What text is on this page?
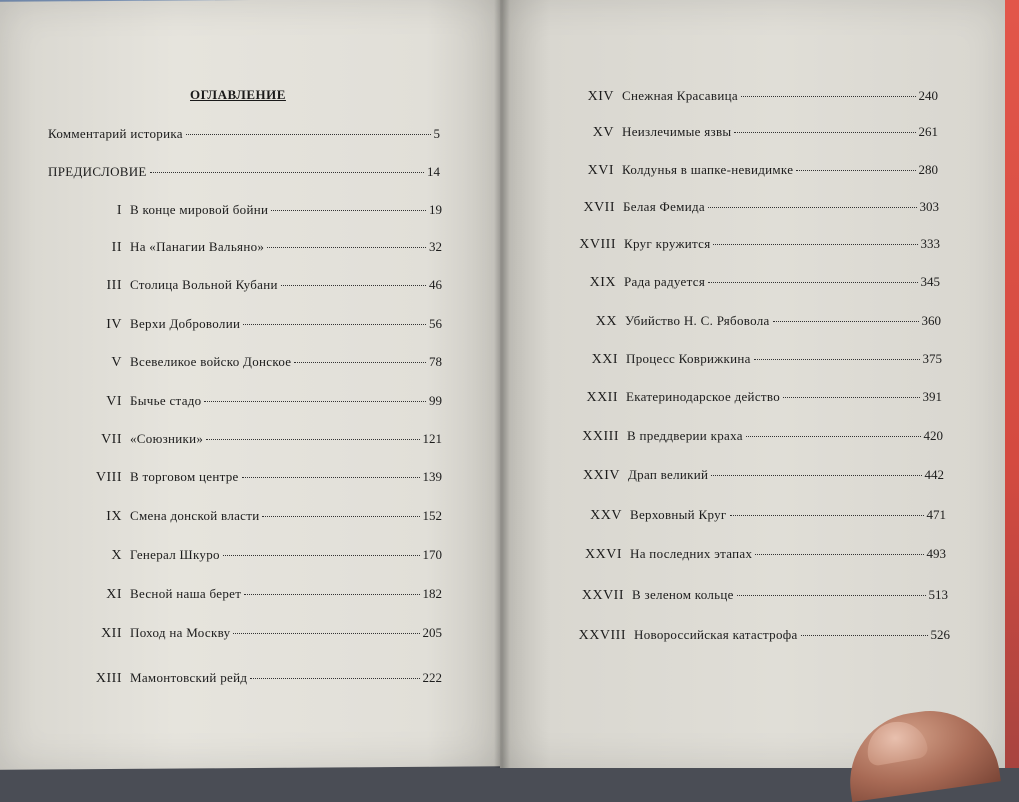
ОГЛАВЛЕНИЕ
Комментарий историка	5
ПРЕДИСЛОВИЕ	14
I В конце мировой бойни	19
II На «Панагии Вальяно»	32
III Столица Вольной Кубани	46
IV Верхи Доброволии	56
V Всевеликое войско Донское	78
VI Бычье стадо	99
VII «Союзники»	121
VIII В торговом центре	139
IX Смена донской власти	152
X Генерал Шкуро	170
XI Весной наша берет	182
XII Поход на Москву	205
XIII Мамонтовский рейд	222
XIV Снежная Красавица	240
XV Неизлечимые язвы	261
XVI Колдунья в шапке-невидимке	280
XVII Белая Фемида	303
XVIII Круг кружится	333
XIX Рада радуется	345
XX Убийство Н. С. Рябовола	360
XXI Процесс Коврижкина	375
XXII Екатеринодарское действо	391
XXIII В преддверии краха	420
XXIV Драп великий	442
XXV Верховный Круг	471
XXVI На последних этапах	493
XXVII В зеленом кольце	513
XXVIII Новороссийская катастрофа	526
